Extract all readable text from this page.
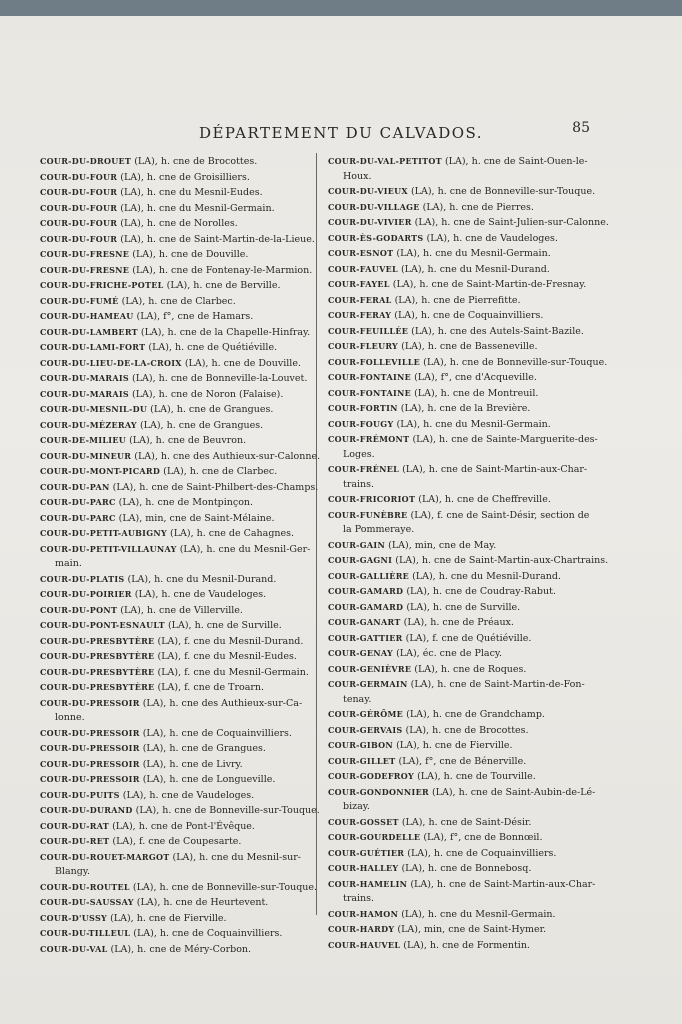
DÉPARTEMENT DU CALVADOS.	85
COUR-DU-DROUET (LA), h. cne de Brocottes.
COUR-DU-FOUR (LA), h. cne de Groisilliers.
COUR-DU-FOUR (LA), h. cne du Mesnil-Eudes.
COUR-DU-FOUR (LA), h. cne du Mesnil-Germain.
COUR-DU-FOUR (LA), h. cne de Norolles.
COUR-DU-FOUR (LA), h. cne de Saint-Martin-de-la-Lieue.
COUR-DU-FRESNE (LA), h. cne de Douville.
COUR-DU-FRESNE (LA), h. cne de Fontenay-le-Marmion.
COUR-DU-FRICHE-POTEL (LA), h. cne de Berville.
COUR-DU-FUMÉ (LA), h. cne de Clarbec.
COUR-DU-HAMEAU (LA), f°, cne de Hamars.
COUR-DU-LAMBERT (LA), h. cne de la Chapelle-Hinfray.
COUR-DU-LAMI-FORT (LA), h. cne de Quétiéville.
COUR-DU-LIEU-DE-LA-CROIX (LA), h. cne de Douville.
COUR-DU-MARAIS (LA), h. cne de Bonneville-la-Louvet.
COUR-DU-MARAIS (LA), h. cne de Noron (Falaise).
COUR-DU-MESNIL-DU (LA), h. cne de Grangues.
COUR-DU-MÉZERAY (LA), h. cne de Grangues.
COUR-DE-MILIEU (LA), h. cne de Beuvron.
COUR-DU-MINEUR (LA), h. cne des Authieux-sur-Calonne.
COUR-DU-MONT-PICARD (LA), h. cne de Clarbec.
COUR-DU-PAN (LA), h. cne de Saint-Philbert-des-Champs.
COUR-DU-PARC (LA), h. cne de Montpinçon.
COUR-DU-PARC (LA), min, cne de Saint-Mélaine.
COUR-DU-PETIT-AUBIGNY (LA), h. cne de Cahagnes.
COUR-DU-PETIT-VILLAUNAY (LA), h. cne du Mesnil-Ger-
main.
COUR-DU-PLATIS (LA), h. cne du Mesnil-Durand.
COUR-DU-POIRIER (LA), h. cne de Vaudeloges.
COUR-DU-PONT (LA), h. cne de Villerville.
COUR-DU-PONT-ESNAULT (LA), h. cne de Surville.
COUR-DU-PRESBYTÈRE (LA), f. cne du Mesnil-Durand.
COUR-DU-PRESBYTÈRE (LA), f. cne du Mesnil-Eudes.
COUR-DU-PRESBYTÈRE (LA), f. cne du Mesnil-Germain.
COUR-DU-PRESBYTÈRE (LA), f. cne de Troarn.
COUR-DU-PRESSOIR (LA), h. cne des Authieux-sur-Ca-
lonne.
COUR-DU-PRESSOIR (LA), h. cne de Coquainvilliers.
COUR-DU-PRESSOIR (LA), h. cne de Grangues.
COUR-DU-PRESSOIR (LA), h. cne de Livry.
COUR-DU-PRESSOIR (LA), h. cne de Longueville.
COUR-DU-PUITS (LA), h. cne de Vaudeloges.
COUR-DU-DURAND (LA), h. cne de Bonneville-sur-Touque.
COUR-DU-RAT (LA), h. cne de Pont-l'Évêque.
COUR-DU-RET (LA), f. cne de Coupesarte.
COUR-DU-ROUET-MARGOT (LA), h. cne du Mesnil-sur-
Blangy.
COUR-DU-ROUTEL (LA), h. cne de Bonneville-sur-Touque.
COUR-DU-SAUSSAY (LA), h. cne de Heurtevent.
COUR-D'USSY (LA), h. cne de Fierville.
COUR-DU-TILLEUL (LA), h. cne de Coquainvilliers.
COUR-DU-VAL (LA), h. cne de Méry-Corbon.
COUR-DU-VAL-PETITOT (LA), h. cne de Saint-Ouen-le-
Houx.
COUR-DU-VIEUX (LA), h. cne de Bonneville-sur-Touque.
COUR-DU-VILLAGE (LA), h. cne de Pierres.
COUR-DU-VIVIER (LA), h. cne de Saint-Julien-sur-Calonne.
COUR-ÈS-GODARTS (LA), h. cne de Vaudeloges.
COUR-ESNOT (LA), h. cne du Mesnil-Germain.
COUR-FAUVEL (LA), h. cne du Mesnil-Durand.
COUR-FAYEL (LA), h. cne de Saint-Martin-de-Fresnay.
COUR-FERAL (LA), h. cne de Pierrefitte.
COUR-FERAY (LA), h. cne de Coquainvilliers.
COUR-FEUILLÉE (LA), h. cne des Autels-Saint-Bazile.
COUR-FLEURY (LA), h. cne de Basseneville.
COUR-FOLLEVILLE (LA), h. cne de Bonneville-sur-Touque.
COUR-FONTAINE (LA), f°, cne d'Acqueville.
COUR-FONTAINE (LA), h. cne de Montreuil.
COUR-FORTIN (LA), h. cne de la Brevière.
COUR-FOUGY (LA), h. cne du Mesnil-Germain.
COUR-FRÉMONT (LA), h. cne de Sainte-Marguerite-des-
Loges.
COUR-FRÉNEL (LA), h. cne de Saint-Martin-aux-Char-
trains.
COUR-FRICORIOT (LA), h. cne de Cheffreville.
COUR-FUNÈBRE (LA), f. cne de Saint-Désir, section de
la Pommeraye.
COUR-GAIN (LA), min, cne de May.
COUR-GAGNI (LA), h. cne de Saint-Martin-aux-Chartrains.
COUR-GALLIÈRE (LA), h. cne du Mesnil-Durand.
COUR-GAMARD (LA), h. cne de Coudray-Rabut.
COUR-GAMARD (LA), h. cne de Surville.
COUR-GANART (LA), h. cne de Préaux.
COUR-GATTIER (LA), f. cne de Quétiéville.
COUR-GENAY (LA), éc. cne de Placy.
COUR-GENIÈVRE (LA), h. cne de Roques.
COUR-GERMAIN (LA), h. cne de Saint-Martin-de-Fon-
tenay.
COUR-GÉRÔME (LA), h. cne de Grandchamp.
COUR-GERVAIS (LA), h. cne de Brocottes.
COUR-GIBON (LA), h. cne de Fierville.
COUR-GILLET (LA), f°, cne de Bénerville.
COUR-GODEFROY (LA), h. cne de Tourville.
COUR-GONDONNIER (LA), h. cne de Saint-Aubin-de-Lé-
bizay.
COUR-GOSSET (LA), h. cne de Saint-Désir.
COUR-GOURDELLE (LA), f°, cne de Bonnœil.
COUR-GUÉTIER (LA), h. cne de Coquainvilliers.
COUR-HALLEY (LA), h. cne de Bonnebosq.
COUR-HAMELIN (LA), h. cne de Saint-Martin-aux-Char-
trains.
COUR-HAMON (LA), h. cne du Mesnil-Germain.
COUR-HARDY (LA), min, cne de Saint-Hymer.
COUR-HAUVEL (LA), h. cne de Formentin.
